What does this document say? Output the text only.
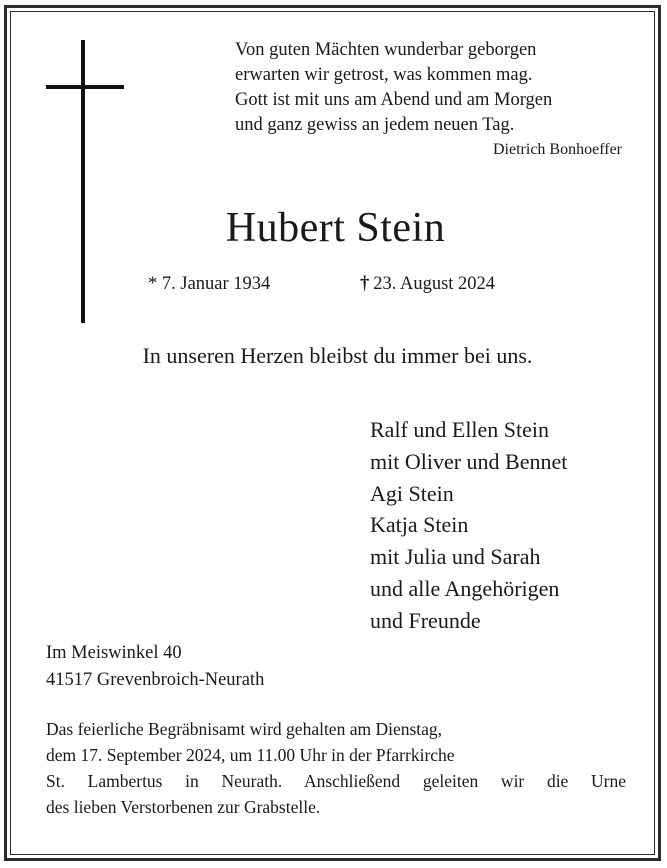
Von guten Mächten wunderbar geborgen
erwarten wir getrost, was kommen mag.
Gott ist mit uns am Abend und am Morgen
und ganz gewiss an jedem neuen Tag.
Dietrich Bonhoeffer
Hubert Stein
* 7. Januar 1934	† 23. August 2024
In unseren Herzen bleibst du immer bei uns.
Ralf und Ellen Stein
mit Oliver und Bennet
Agi Stein
Katja Stein
mit Julia und Sarah
und alle Angehörigen
und Freunde
Im Meiswinkel 40
41517 Grevenbroich-Neurath
Das feierliche Begräbnisamt wird gehalten am Dienstag,
dem 17. September 2024, um 11.00 Uhr in der Pfarrkirche
St. Lambertus in Neurath. Anschließend geleiten wir die Urne
des lieben Verstorbenen zur Grabstelle.
